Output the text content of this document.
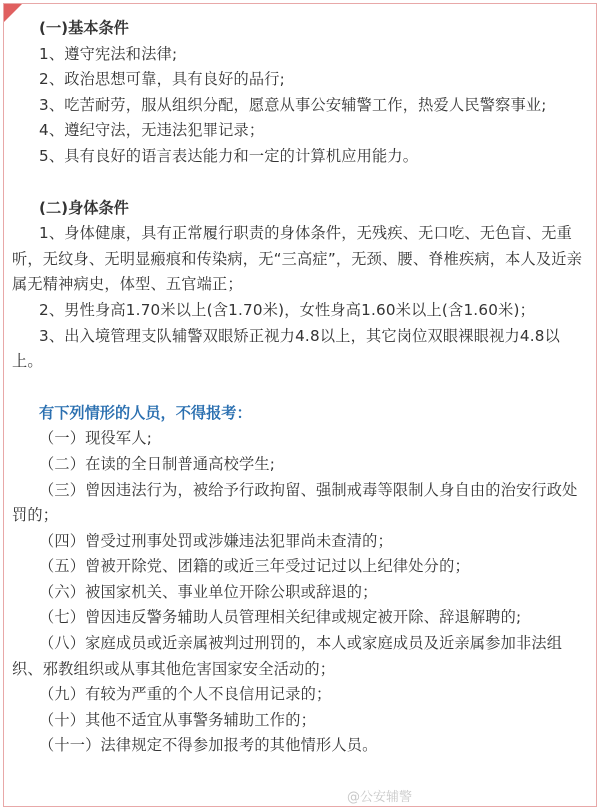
(一)基本条件

1、遵守宪法和法律;

2、政治思想可靠，具有良好的品行;

3、吃苦耐劳，服从组织分配，愿意从事公安辅警工作，热爱人民警察事业;

4、遵纪守法，无违法犯罪记录；

5、具有良好的语言表达能力和一定的计算机应用能力。

(二)身体条件

1、身体健康，具有正常履行职责的身体条件，无残疾、无口吃、无色盲、无重听，无纹身、无明显瘢痕和传染病，无“三高症”，无颈、腰、脊椎疾病，本人及近亲属无精神病史，体型、五官端正；

2、男性身高1.70米以上(含1.70米)，女性身高1.60米以上(含1.60米)；

3、出入境管理支队辅警双眼矫正视力4.8以上，其它岗位双眼裸眼视力4.8以上。

有下列情形的人员，不得报考：

（一）现役军人;

（二）在读的全日制普通高校学生;

（三）曾因违法行为，被给予行政拘留、强制戒毒等限制人身自由的治安行政处罚的；

（四）曾受过刑事处罚或涉嫌违法犯罪尚未查清的；

（五）曾被开除党、团籍的或近三年受过记过以上纪律处分的；

（六）被国家机关、事业单位开除公职或辞退的；

（七）曾因违反警务辅助人员管理相关纪律或规定被开除、辞退解聘的;

（八）家庭成员或近亲属被判过刑罚的，本人或家庭成员及近亲属参加非法组织、邪教组织或从事其他危害国家安全活动的；

（九）有较为严重的个人不良信用记录的；

（十）其他不适宜从事警务辅助工作的；

（十一）法律规定不得参加报考的其他情形人员。

@公安辅警
